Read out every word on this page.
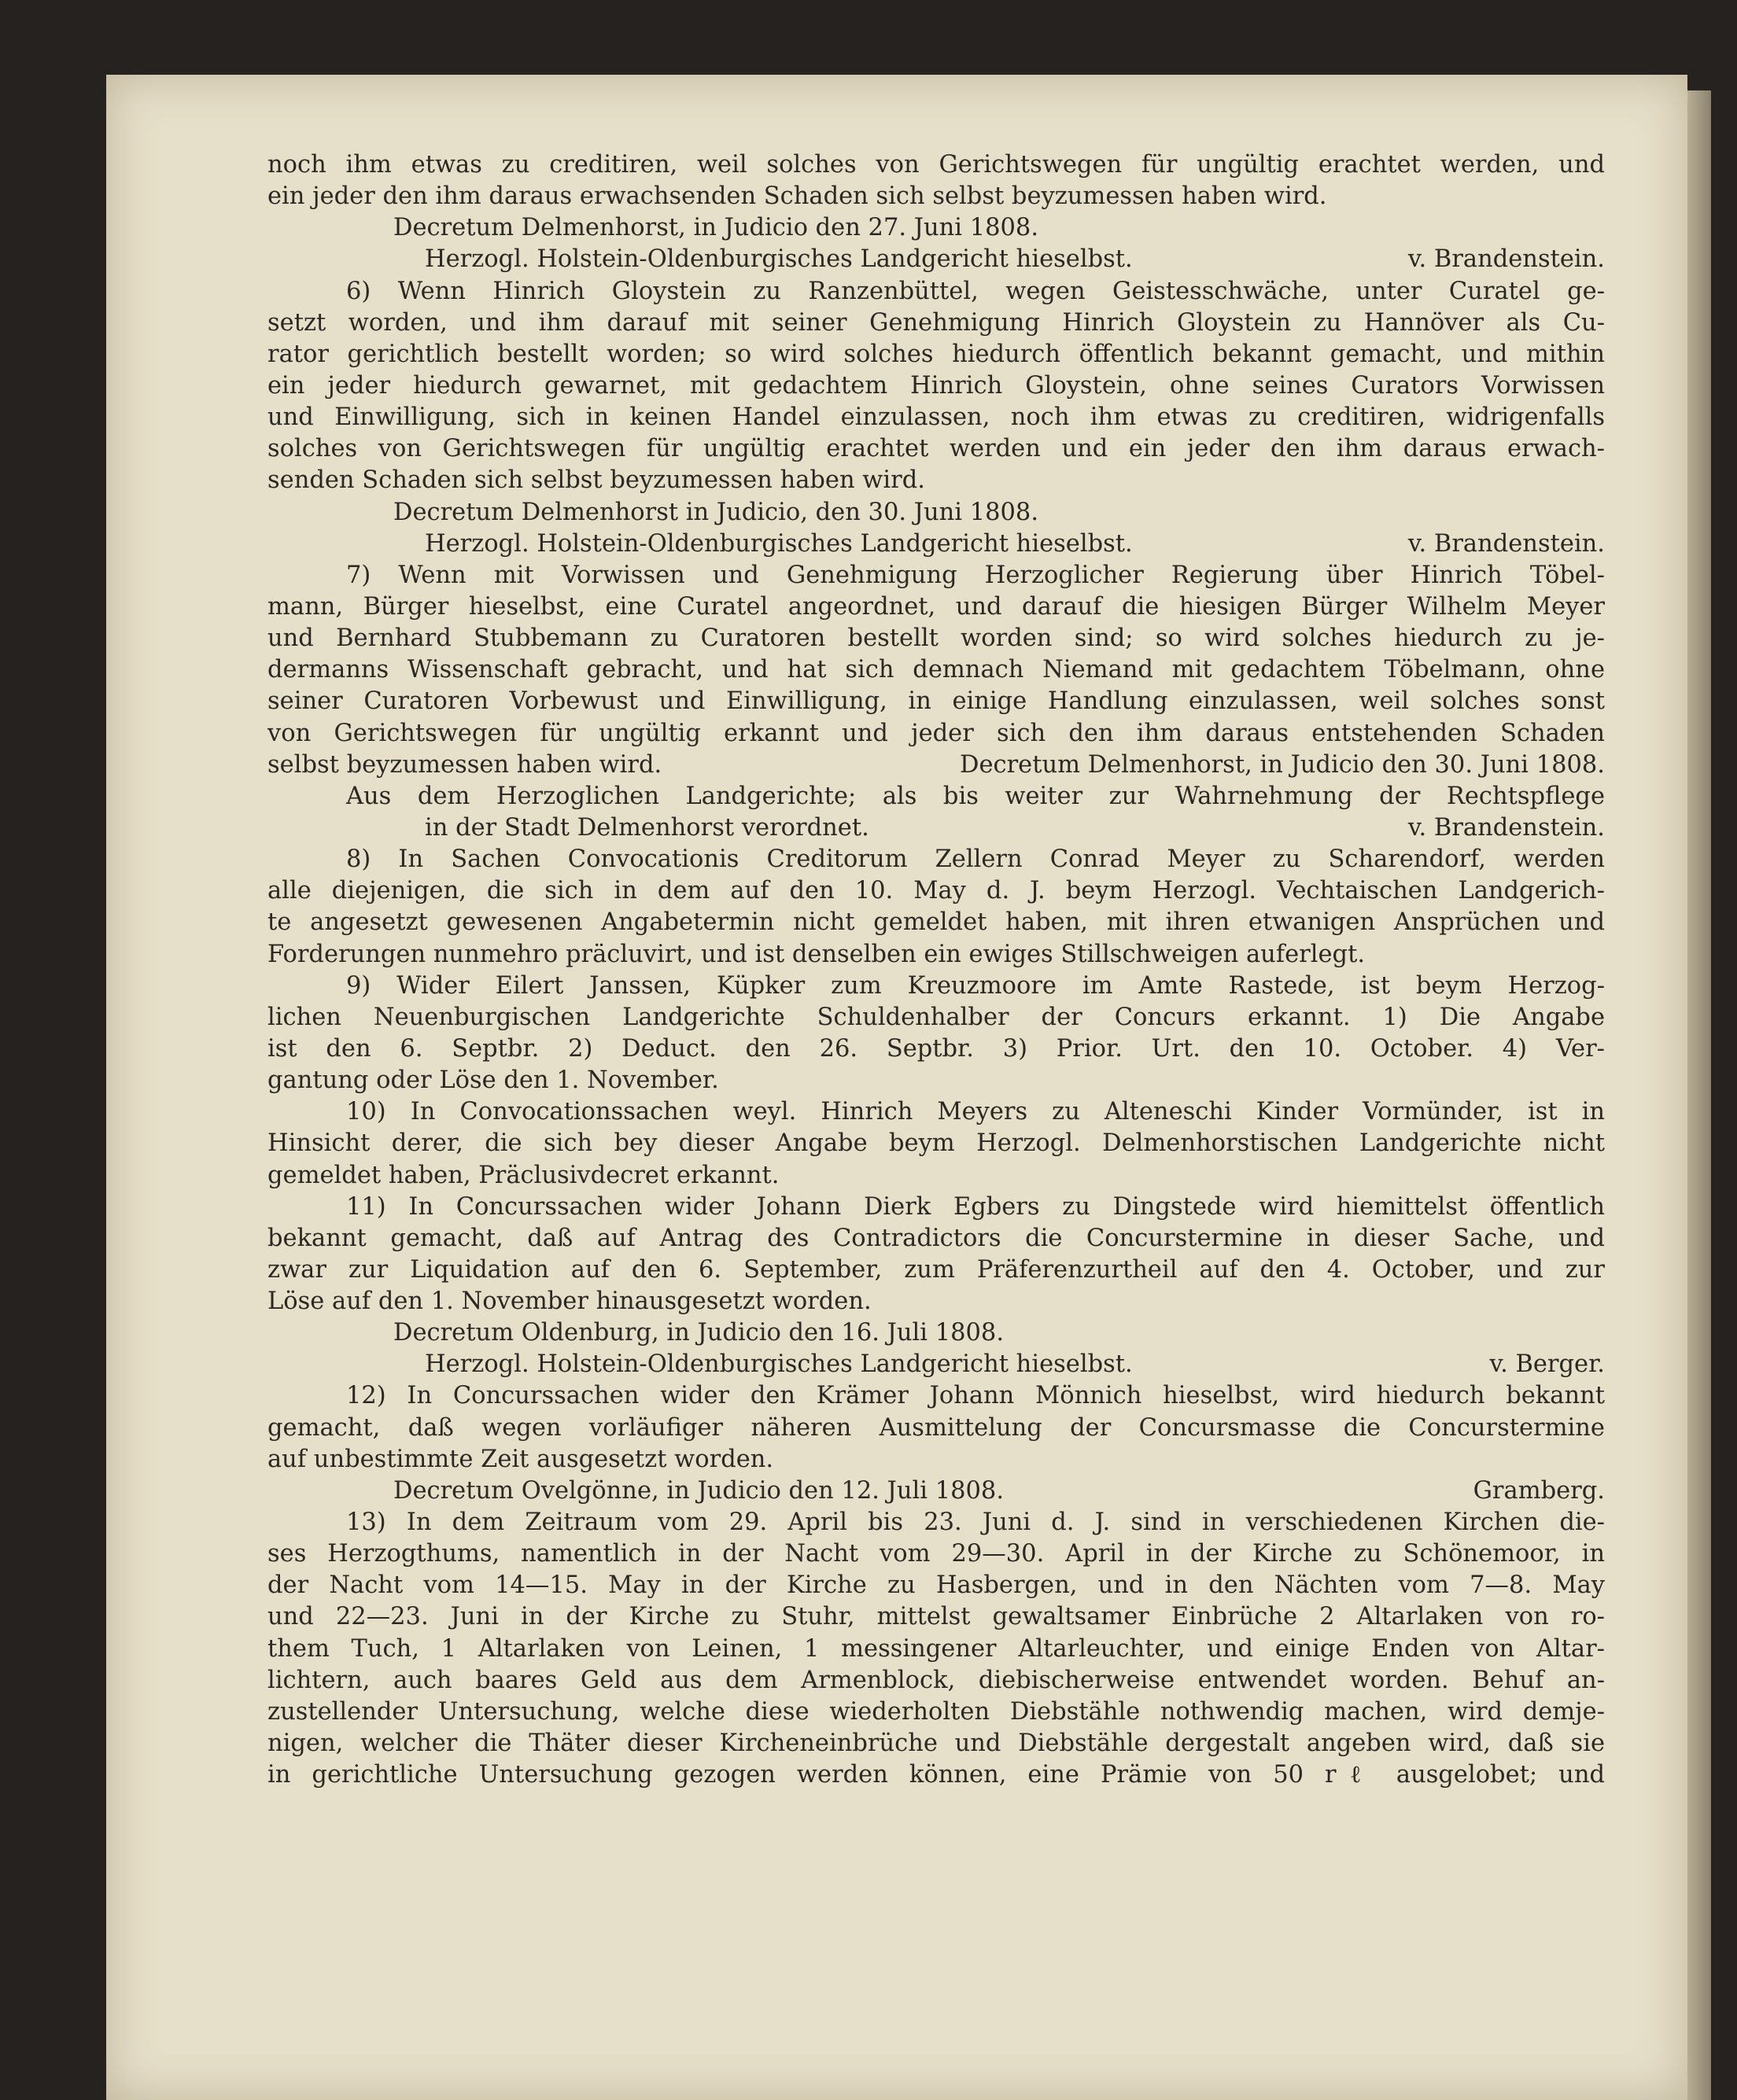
noch ihm etwas zu creditiren, weil solches von Gerichtswegen für ungültig erachtet werden, und
ein jeder den ihm daraus erwachsenden Schaden sich selbst beyzumessen haben wird.
Decretum Delmenhorst, in Judicio den 27. Juni 1808.
Herzogl. Holstein-Oldenburgisches Landgericht hieselbst.	v. Brandenstein.
6) Wenn Hinrich Gloystein zu Ranzenbüttel, wegen Geistesschwäche, unter Curatel ge-
setzt worden, und ihm darauf mit seiner Genehmigung Hinrich Gloystein zu Hannöver als Cu-
rator gerichtlich bestellt worden; so wird solches hiedurch öffentlich bekannt gemacht, und mithin
ein jeder hiedurch gewarnet, mit gedachtem Hinrich Gloystein, ohne seines Curators Vorwissen
und Einwilligung, sich in keinen Handel einzulassen, noch ihm etwas zu creditiren, widrigenfalls
solches von Gerichtswegen für ungültig erachtet werden und ein jeder den ihm daraus erwach-
senden Schaden sich selbst beyzumessen haben wird.
Decretum Delmenhorst in Judicio, den 30. Juni 1808.
Herzogl. Holstein-Oldenburgisches Landgericht hieselbst.	v. Brandenstein.
7) Wenn mit Vorwissen und Genehmigung Herzoglicher Regierung über Hinrich Töbel-
mann, Bürger hieselbst, eine Curatel angeordnet, und darauf die hiesigen Bürger Wilhelm Meyer
und Bernhard Stubbemann zu Curatoren bestellt worden sind; so wird solches hiedurch zu je-
dermanns Wissenschaft gebracht, und hat sich demnach Niemand mit gedachtem Töbelmann, ohne
seiner Curatoren Vorbewust und Einwilligung, in einige Handlung einzulassen, weil solches sonst
von Gerichtswegen für ungültig erkannt und jeder sich den ihm daraus entstehenden Schaden
selbst beyzumessen haben wird.	Decretum Delmenhorst, in Judicio den 30. Juni 1808.
Aus dem Herzoglichen Landgerichte; als bis weiter zur Wahrnehmung der Rechtspflege
in der Stadt Delmenhorst verordnet.	v. Brandenstein.
8) In Sachen Convocationis Creditorum Zellern Conrad Meyer zu Scharendorf, werden
alle diejenigen, die sich in dem auf den 10. May d. J. beym Herzogl. Vechtaischen Landgerich-
te angesetzt gewesenen Angabetermin nicht gemeldet haben, mit ihren etwanigen Ansprüchen und
Forderungen nunmehro präcluvirt, und ist denselben ein ewiges Stillschweigen auferlegt.
9) Wider Eilert Janssen, Küpker zum Kreuzmoore im Amte Rastede, ist beym Herzog-
lichen Neuenburgischen Landgerichte Schuldenhalber der Concurs erkannt. 1) Die Angabe
ist den 6. Septbr. 2) Deduct. den 26. Septbr. 3) Prior. Urt. den 10. October. 4) Ver-
gantung oder Löse den 1. November.
10) In Convocationssachen weyl. Hinrich Meyers zu Alteneschi Kinder Vormünder, ist in
Hinsicht derer, die sich bey dieser Angabe beym Herzogl. Delmenhorstischen Landgerichte nicht
gemeldet haben, Präclusivdecret erkannt.
11) In Concurssachen wider Johann Dierk Egbers zu Dingstede wird hiemittelst öffentlich
bekannt gemacht, daß auf Antrag des Contradictors die Concurstermine in dieser Sache, und
zwar zur Liquidation auf den 6. September, zum Präferenzurtheil auf den 4. October, und zur
Löse auf den 1. November hinausgesetzt worden.
Decretum Oldenburg, in Judicio den 16. Juli 1808.
Herzogl. Holstein-Oldenburgisches Landgericht hieselbst.	v. Berger.
12) In Concurssachen wider den Krämer Johann Mönnich hieselbst, wird hiedurch bekannt
gemacht, daß wegen vorläufiger näheren Ausmittelung der Concursmasse die Concurstermine
auf unbestimmte Zeit ausgesetzt worden.
Decretum Ovelgönne, in Judicio den 12. Juli 1808.	Gramberg.
13) In dem Zeitraum vom 29. April bis 23. Juni d. J. sind in verschiedenen Kirchen die-
ses Herzogthums, namentlich in der Nacht vom 29—30. April in der Kirche zu Schönemoor, in
der Nacht vom 14—15. May in der Kirche zu Hasbergen, und in den Nächten vom 7—8. May
und 22—23. Juni in der Kirche zu Stuhr, mittelst gewaltsamer Einbrüche 2 Altarlaken von ro-
them Tuch, 1 Altarlaken von Leinen, 1 messingener Altarleuchter, und einige Enden von Altar-
lichtern, auch baares Geld aus dem Armenblock, diebischerweise entwendet worden. Behuf an-
zustellender Untersuchung, welche diese wiederholten Diebstähle nothwendig machen, wird demje-
nigen, welcher die Thäter dieser Kircheneinbrüche und Diebstähle dergestalt angeben wird, daß sie
in gerichtliche Untersuchung gezogen werden können, eine Prämie von 50 rℓ ausgelobet; und
